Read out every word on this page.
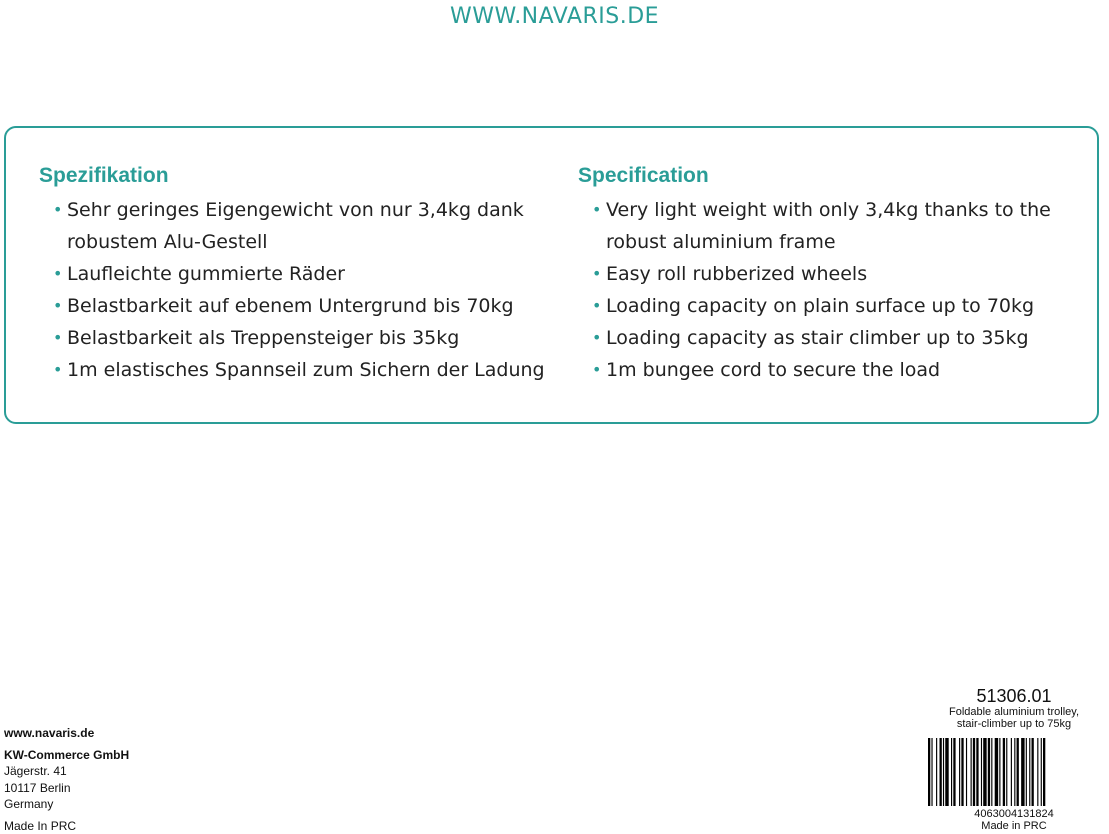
WWW.NAVARIS.DE
Spezifikation
• Sehr geringes Eigengewicht von nur 3,4kg dank robustem Alu-Gestell
• Laufleichte gummierte Räder
• Belastbarkeit auf ebenem Untergrund bis 70kg
• Belastbarkeit als Treppensteiger bis 35kg
• 1m elastisches Spannseil zum Sichern der Ladung
Specification
• Very light weight with only 3,4kg thanks to the robust aluminium frame
• Easy roll rubberized wheels
• Loading capacity on plain surface up to 70kg
• Loading capacity as stair climber up to 35kg
• 1m bungee cord to secure the load
www.navaris.de
KW-Commerce GmbH
Jägerstr. 41
10117 Berlin
Germany
Made In PRC
51306.01
Foldable aluminium trolley,
stair-climber up to 75kg
4063004131824
Made in PRC
